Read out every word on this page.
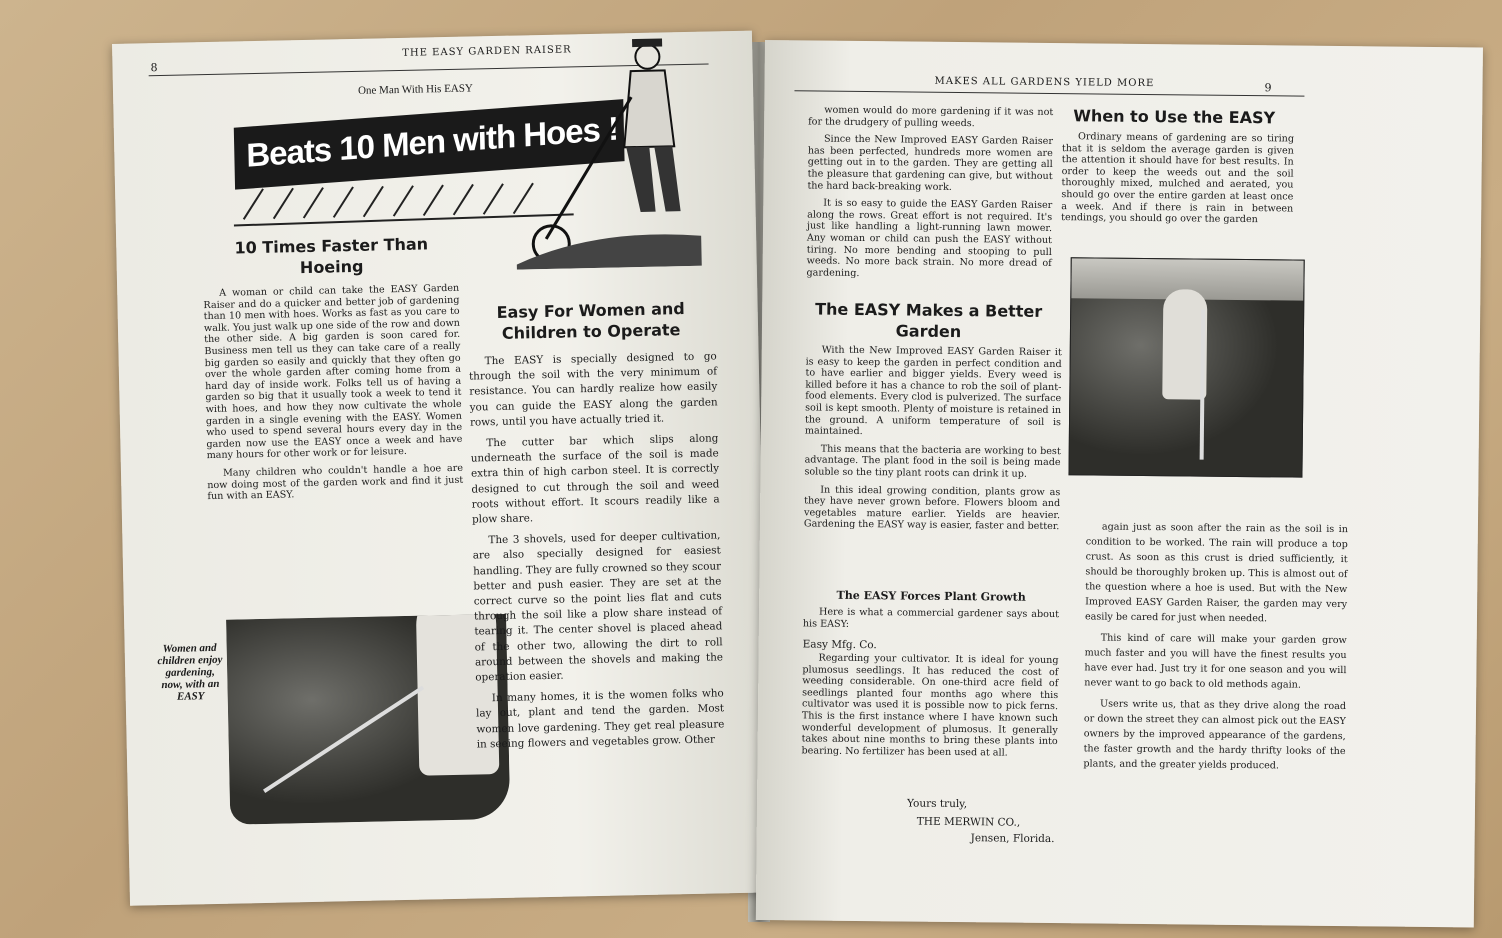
8
THE EASY GARDEN RAISER
One Man With His EASY
Beats 10 Men with Hoes !
10 Times Faster Than Hoeing

A woman or child can take the EASY Garden Raiser and do a quicker and better job of gardening than 10 men with hoes. Works as fast as you care to walk. You just walk up one side of the row and down the other side. A big garden is soon cared for. Business men tell us they can take care of a really big garden so easily and quickly that they often go over the whole garden after coming home from a hard day of inside work. Folks tell us of having a garden so big that it usually took a week to tend it with hoes, and how they now cultivate the whole garden in a single evening with the EASY. Women who used to spend several hours every day in the garden now use the EASY once a week and have many hours for other work or for leisure.

Many children who couldn't handle a hoe are now doing most of the garden work and find it just fun with an EASY.

Women and children enjoy gardening, now, with an EASY
Easy For Women and Children to Operate

The EASY is specially designed to go through the soil with the very minimum of resistance. You can hardly realize how easily you can guide the EASY along the garden rows, until you have actually tried it.

The cutter bar which slips along underneath the surface of the soil is made extra thin of high carbon steel. It is correctly designed to cut through the soil and weed roots without effort. It scours readily like a plow share.

The 3 shovels, used for deeper cultivation, are also specially designed for easiest handling. They are fully crowned so they scour better and push easier. They are set at the correct curve so the point lies flat and cuts through the soil like a plow share instead of tearing it. The center shovel is placed ahead of the other two, allowing the dirt to roll around between the shovels and making the operation easier.

In many homes, it is the women folks who lay out, plant and tend the garden. Most women love gardening. They get real pleasure in seeing flowers and vegetables grow. Other

MAKES ALL GARDENS YIELD MORE	9

women would do more gardening if it was not for the drudgery of pulling weeds.

Since the New Improved EASY Garden Raiser has been perfected, hundreds more women are getting out in to the garden. They are getting all the pleasure that gardening can give, but without the hard back-breaking work.

It is so easy to guide the EASY Garden Raiser along the rows. Great effort is not required. It's just like handling a light-running lawn mower. Any woman or child can push the EASY without tiring. No more bending and stooping to pull weeds. No more back strain. No more dread of gardening.

When to Use the EASY

Ordinary means of gardening are so tiring that it is seldom the average garden is given the attention it should have for best results. In order to keep the weeds out and the soil thoroughly mixed, mulched and aerated, you should go over the entire garden at least once a week. And if there is rain in between tendings, you should go over the garden

The EASY Makes a Better Garden

With the New Improved EASY Garden Raiser it is easy to keep the garden in perfect condition and to have earlier and bigger yields. Every weed is killed before it has a chance to rob the soil of plant-food elements. Every clod is pulverized. The surface soil is kept smooth. Plenty of moisture is retained in the ground. A uniform temperature of soil is maintained.

This means that the bacteria are working to best advantage. The plant food in the soil is being made soluble so the tiny plant roots can drink it up.

In this ideal growing condition, plants grow as they have never grown before. Flowers bloom and vegetables mature earlier. Yields are heavier. Gardening the EASY way is easier, faster and better.

The EASY Forces Plant Growth

Here is what a commercial gardener says about his EASY:

Easy Mfg. Co.

Regarding your cultivator. It is ideal for young plumosus seedlings. It has reduced the cost of weeding considerable. On one-third acre field of seedlings planted four months ago where this cultivator was used it is possible now to pick ferns. This is the first instance where I have known such wonderful development of plumosus. It generally takes about nine months to bring these plants into bearing. No fertilizer has been used at all.

Yours truly,
THE MERWIN CO.,
Jensen, Florida.

again just as soon after the rain as the soil is in condition to be worked. The rain will produce a top crust. As soon as this crust is dried sufficiently, it should be thoroughly broken up. This is almost out of the question where a hoe is used. But with the New Improved EASY Garden Raiser, the garden may very easily be cared for just when needed.

This kind of care will make your garden grow much faster and you will have the finest results you have ever had. Just try it for one season and you will never want to go back to old methods again.

Users write us, that as they drive along the road or down the street they can almost pick out the EASY owners by the improved appearance of the gardens, the faster growth and the hardy thrifty looks of the plants, and the greater yields produced.
